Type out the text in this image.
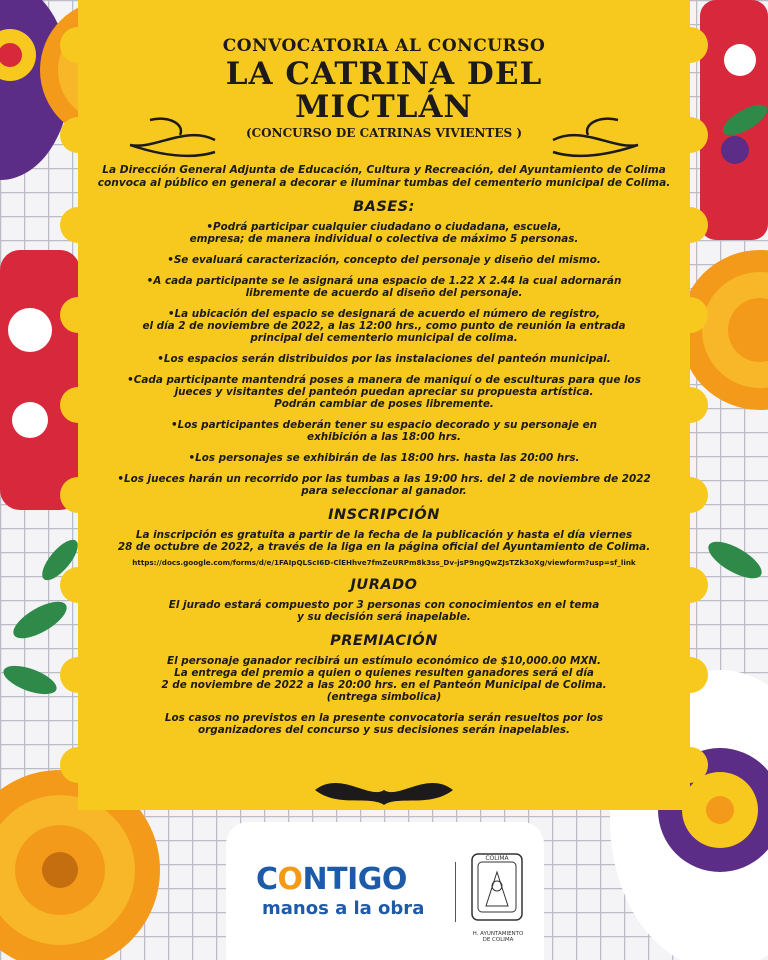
CONVOCATORIA AL CONCURSO
LA CATRINA DEL
MICTLÁN
(CONCURSO DE CATRINAS VIVIENTES )
La Dirección General Adjunta de Educación, Cultura y Recreación, del Ayuntamiento de Colima convoca al público en general a decorar e iluminar tumbas del cementerio municipal de Colima.
BASES:
•Podrá participar cualquier ciudadano o ciudadana, escuela,
empresa; de manera individual o colectiva de máximo 5 personas.
•Se evaluará caracterización, concepto del personaje y diseño del mismo.
•A cada participante se le asignará una espacio de 1.22 X 2.44 la cual adornarán
libremente de acuerdo al diseño del personaje.
•La ubicación del espacio se designará de acuerdo el número de registro,
el día 2 de noviembre de 2022, a las 12:00 hrs., como punto de reunión la entrada
principal del cementerio municipal de colima.
•Los espacios serán distribuidos por las instalaciones del panteón municipal.
•Cada participante mantendrá poses a manera de maniquí o de esculturas para que los
jueces y visitantes del panteón puedan apreciar su propuesta artística.
Podrán cambiar de poses libremente.
•Los participantes deberán tener su espacio decorado y su personaje en
exhibición a las 18:00 hrs.
•Los personajes se exhibirán de las 18:00 hrs. hasta las 20:00 hrs.
•Los jueces harán un recorrido por las tumbas a las 19:00 hrs. del 2 de noviembre de 2022
para seleccionar al ganador.
INSCRIPCIÓN
La inscripción es gratuita a partir de la fecha de la publicación y hasta el día viernes
28 de octubre de 2022, a través de la liga en la página oficial del Ayuntamiento de Colima.
https://docs.google.com/forms/d/e/1FAIpQLScI6D-ClEHhve7fmZeURPm8k3ss_Dv-jsP9ngQwZJsTZk3oXg/viewform?usp=sf_link
JURADO
El jurado estará compuesto por 3 personas con conocimientos en el tema
y su decisión será inapelable.
PREMIACIÓN
El personaje ganador recibirá un estímulo económico de $10,000.00 MXN.
La entrega del premio a quien o quienes resulten ganadores será el día
2 de noviembre de 2022 a las 20:00 hrs. en el Panteón Municipal de Colima.
(entrega simbolica)
Los casos no previstos en la presente convocatoria serán resueltos por los
organizadores del concurso y sus decisiones serán inapelables.
CONTIGO
manos a la obra
COLIMA
H. AYUNTAMIENTO
DE COLIMA
